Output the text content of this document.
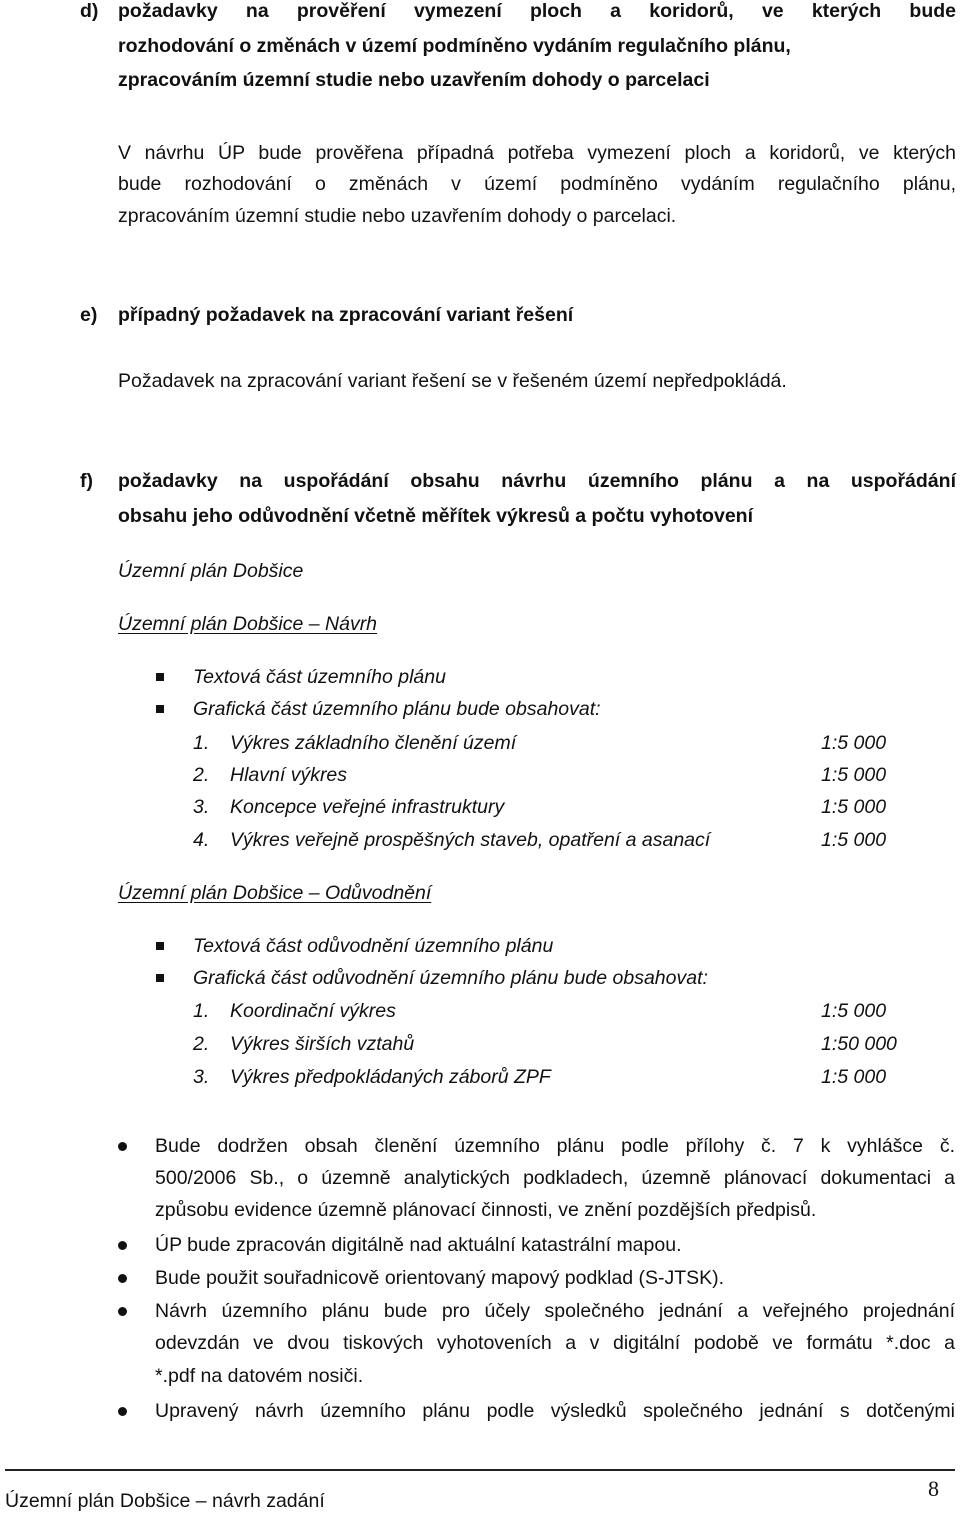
d) požadavky na prověření vymezení ploch a koridorů, ve kterých bude
rozhodování o změnách v území podmíněno vydáním regulačního plánu,
zpracováním územní studie nebo uzavřením dohody o parcelaci
V návrhu ÚP bude prověřena případná potřeba vymezení ploch a koridorů, ve kterých
bude rozhodování o změnách v území podmíněno vydáním regulačního plánu,
zpracováním územní studie nebo uzavřením dohody o parcelaci.
e) případný požadavek na zpracování variant řešení
Požadavek na zpracování variant řešení se v řešeném území nepředpokládá.
f) požadavky na uspořádání obsahu návrhu územního plánu a na uspořádání
obsahu jeho odůvodnění včetně měřítek výkresů a počtu vyhotovení
Územní plán Dobšice
Územní plán Dobšice – Návrh
Textová část územního plánu
Grafická část územního plánu bude obsahovat:
1. Výkres základního členění území	1:5 000
2. Hlavní výkres	1:5 000
3. Koncepce veřejné infrastruktury	1:5 000
4. Výkres veřejně prospěšných staveb, opatření a asanací	1:5 000
Územní plán Dobšice – Odůvodnění
Textová část odůvodnění územního plánu
Grafická část odůvodnění územního plánu bude obsahovat:
1. Koordinační výkres	1:5 000
2. Výkres širších vztahů	1:50 000
3. Výkres předpokládaných záborů ZPF	1:5 000
Bude dodržen obsah členění územního plánu podle přílohy č. 7 k vyhlášce č.
500/2006 Sb., o územně analytických podkladech, územně plánovací dokumentaci a
způsobu evidence územně plánovací činnosti, ve znění pozdějších předpisů.
ÚP bude zpracován digitálně nad aktuální katastrální mapou.
Bude použit souřadnicově orientovaný mapový podklad (S-JTSK).
Návrh územního plánu bude pro účely společného jednání a veřejného projednání
odevzdán ve dvou tiskových vyhotoveních a v digitální podobě ve formátu *.doc a
*.pdf na datovém nosiči.
Upravený návrh územního plánu podle výsledků společného jednání s dotčenými
Územní plán Dobšice – návrh zadání	8
